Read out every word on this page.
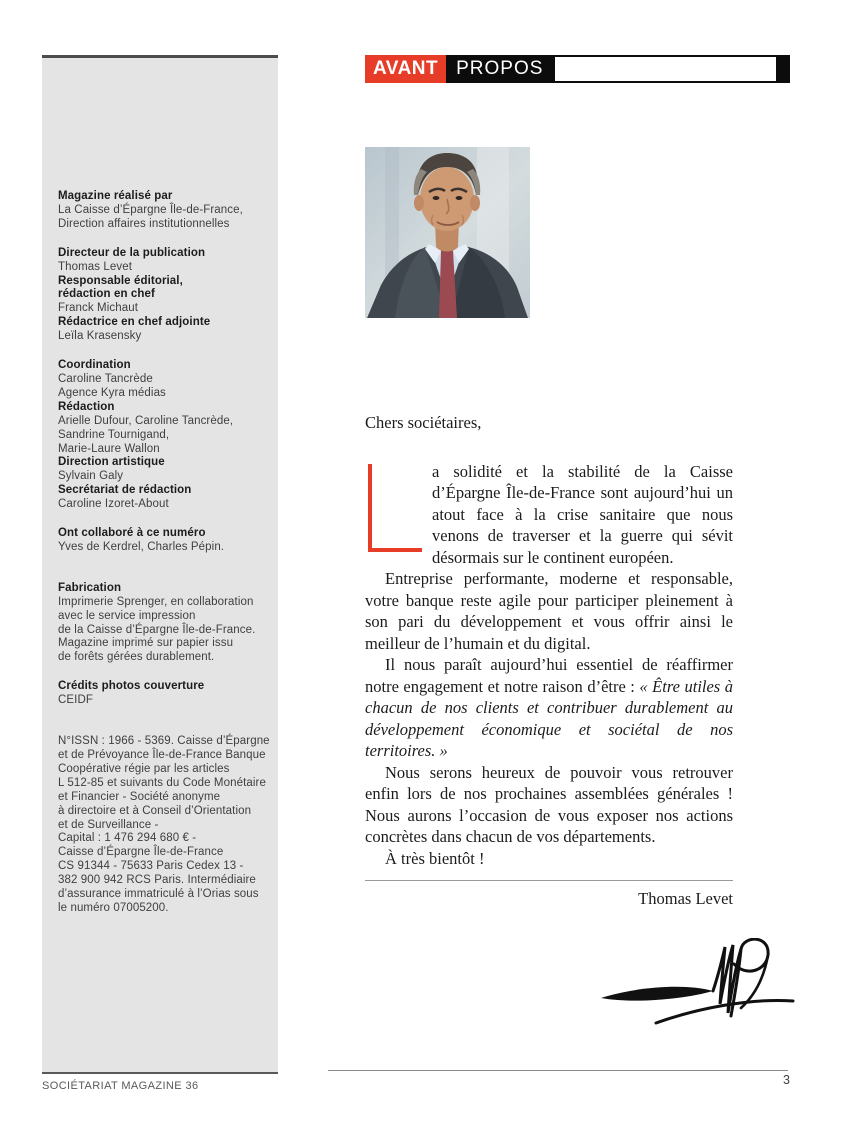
Magazine réalisé par
La Caisse d’Épargne Île-de-France,
Direction affaires institutionnelles
Directeur de la publication
Thomas Levet
Responsable éditorial,
rédaction en chef
Franck Michaut
Rédactrice en chef adjointe
Leïla Krasensky
Coordination
Caroline Tancrède
Agence Kyra médias
Rédaction
Arielle Dufour, Caroline Tancrède,
Sandrine Tournigand,
Marie-Laure Wallon
Direction artistique
Sylvain Galy
Secrétariat de rédaction
Caroline Izoret-About
Ont collaboré à ce numéro
Yves de Kerdrel, Charles Pépin.
Fabrication
Imprimerie Sprenger, en collaboration
avec le service impression
de la Caisse d’Épargne Île-de-France.
Magazine imprimé sur papier issu
de forêts gérées durablement.
Crédits photos couverture
CEIDF
N°ISSN : 1966 - 5369. Caisse d’Épargne
et de Prévoyance Île-de-France Banque
Coopérative régie par les articles
L 512-85 et suivants du Code Monétaire
et Financier - Société anonyme
à directoire et à Conseil d’Orientation
et de Surveillance -
Capital : 1 476 294 680 € -
Caisse d’Épargne Île-de-France
CS 91344 - 75633 Paris Cedex 13 -
382 900 942 RCS Paris. Intermédiaire
d’assurance immatriculé à l’Orias sous
le numéro 07005200.
AVANT PROPOS

Chers sociétaires,

a solidité et la stabilité de la Caisse d’Épargne Île-de-France sont aujourd’hui un atout face à la crise sanitaire que nous venons de traverser et la guerre qui sévit désormais sur le continent européen.

Entreprise performante, moderne et responsable, votre banque reste agile pour participer pleinement à son pari du développement et vous offrir ainsi le meilleur de l’humain et du digital.

Il nous paraît aujourd’hui essentiel de réaffirmer notre engagement et notre raison d’être : « Être utiles à chacun de nos clients et contribuer durablement au développement économique et sociétal de nos territoires. »

Nous serons heureux de pouvoir vous retrouver enfin lors de nos prochaines assemblées générales ! Nous aurons l’occasion de vous exposer nos actions concrètes dans chacun de vos départements.

À très bientôt !

Thomas Levet
SOCIÉTARIAT MAGAZINE 36	3
